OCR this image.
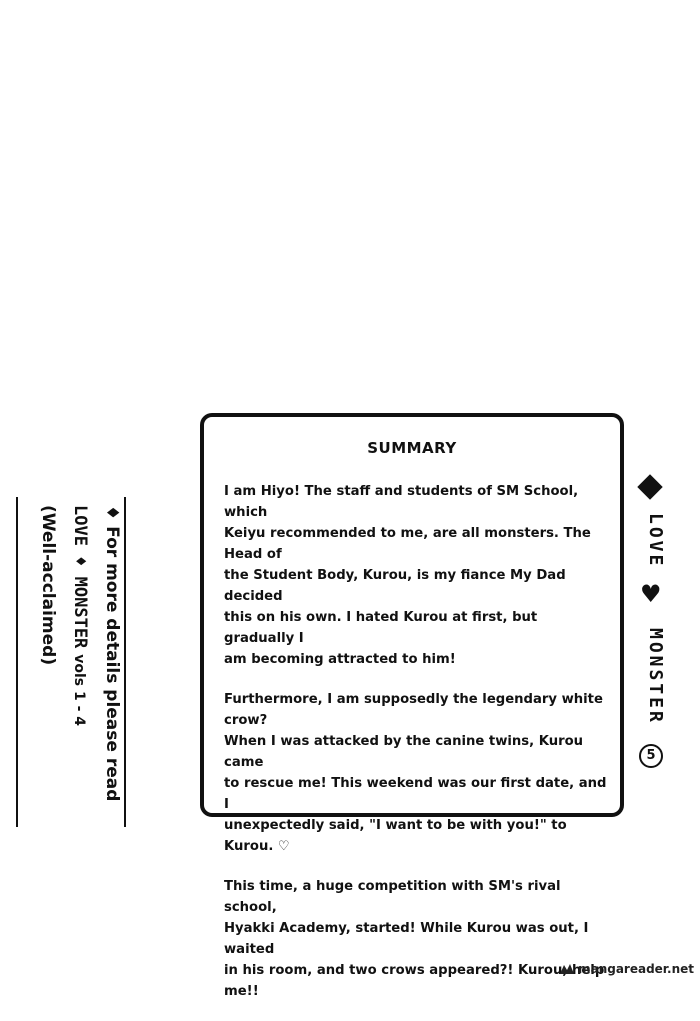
SUMMARY

I am Hiyo! The staff and students of SM School, which
Keiyu recommended to me, are all monsters. The Head of
the Student Body, Kurou, is my fiance My Dad decided
this on his own. I hated Kurou at first, but gradually I
am becoming attracted to him!

Furthermore, I am supposedly the legendary white crow?
When I was attacked by the canine twins, Kurou came
to rescue me! This weekend was our first date, and I
unexpectedly said, "I want to be with you!" to Kurou. ♡

This time, a huge competition with SM's rival school,
Hyakki Academy, started! While Kurou was out, I waited
in his room, and two crows appeared?! Kurou, help me!!

LOVE
♥
MONSTER
5
♦ For more details please read
LOVE ♦ MONSTER vols 1 - 4
(Well-acclaimed)
mangareader.net
